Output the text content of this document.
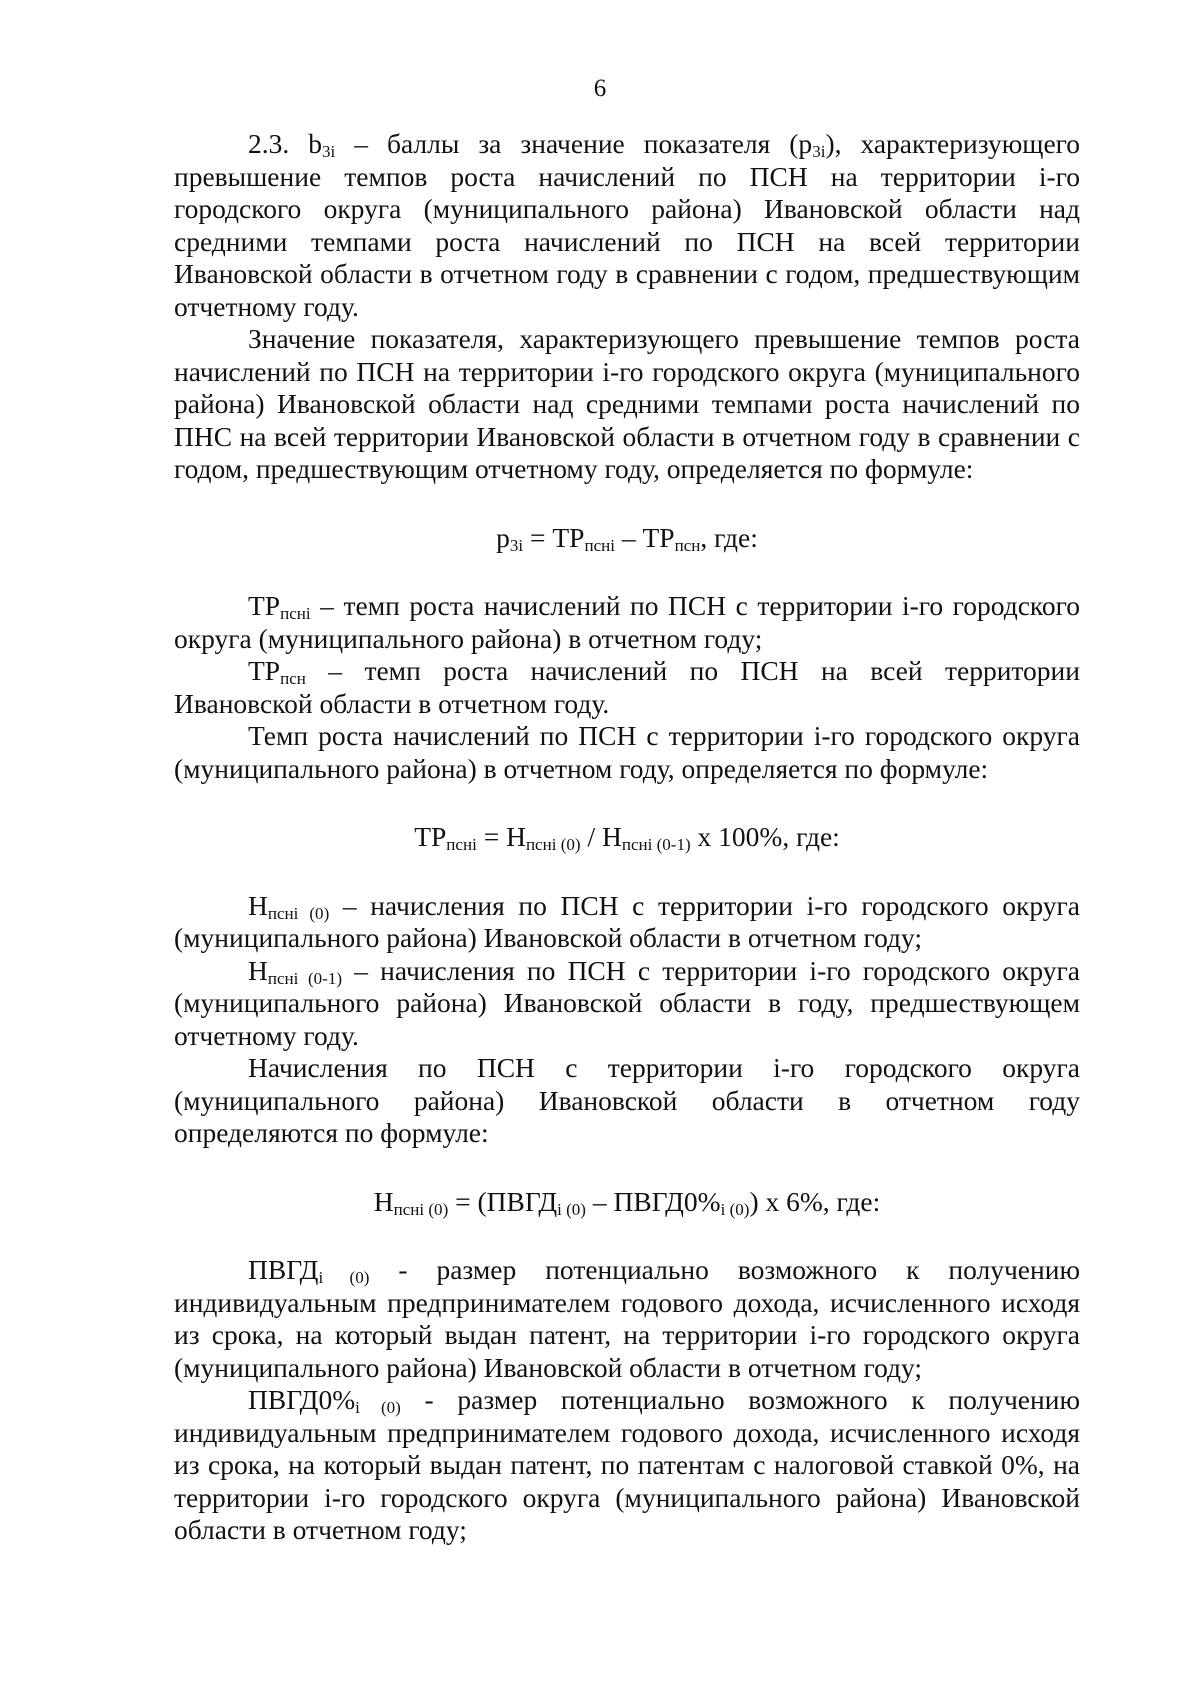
6

2.3. $b_{3i}$ – баллы за значение показателя $(p_{3i})$, характеризующего превышение темпов роста начислений по ПСН на территории i-го городского округа (муниципального района) Ивановской области над средними темпами роста начислений по ПСН на всей территории Ивановской области в отчетном году в сравнении с годом, предшествующим отчетному году.

Значение показателя, характеризующего превышение темпов роста начислений по ПСН на территории i-го городского округа (муниципального района) Ивановской области над средними темпами роста начислений по ПНС на всей территории Ивановской области в отчетном году в сравнении с годом, предшествующим отчетному году, определяется по формуле:

$p_{3i} = ТР_{псні} - ТР_{псн}$, где:

$ТР_{псні}$ – темп роста начислений по ПСН с территории i-го городского округа (муниципального района) в отчетном году;

$ТР_{псн}$ – темп роста начислений по ПСН на всей территории Ивановской области в отчетном году.

Темп роста начислений по ПСН с территории i-го городского округа (муниципального района) в отчетном году, определяется по формуле:

$ТР_{псні} = Н_{псні (0)} / Н_{псні (0-1)}$ х 100%, где:

$Н_{псні (0)}$ – начисления по ПСН с территории i-го городского округа (муниципального района) Ивановской области в отчетном году;

$Н_{псні (0-1)}$ – начисления по ПСН с территории i-го городского округа (муниципального района) Ивановской области в году, предшествующем отчетному году.

Начисления по ПСН с территории i-го городского округа (муниципального района) Ивановской области в отчетном году определяются по формуле:

$Н_{псні (0)}$ = ($ПВГД_{i (0)}$ – $ПВГД0\%_{i (0)}$) х 6%, где:

$ПВГД_{i (0)}$ - размер потенциально возможного к получению индивидуальным предпринимателем годового дохода, исчисленного исходя из срока, на который выдан патент, на территории i-го городского округа (муниципального района) Ивановской области в отчетном году;

$ПВГД0\%_{i (0)}$ - размер потенциально возможного к получению индивидуальным предпринимателем годового дохода, исчисленного исходя из срока, на который выдан патент, по патентам с налоговой ставкой 0%, на территории i-го городского округа (муниципального района) Ивановской области в отчетном году;
